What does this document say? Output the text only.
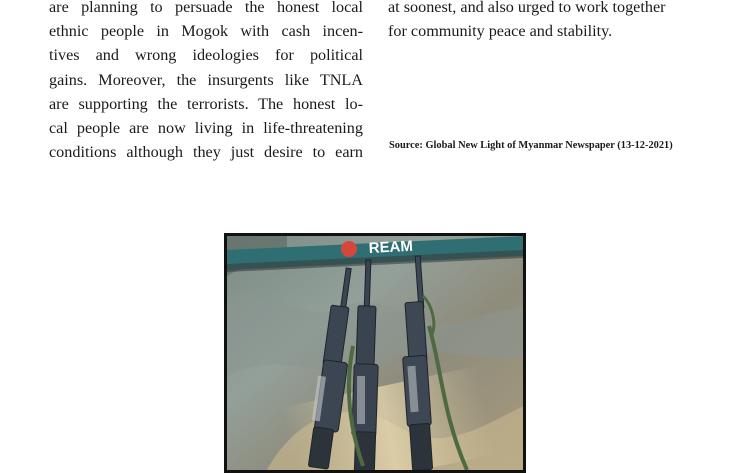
are planning to persuade the honest local
ethnic people in Mogok with cash incen-
tives and wrong ideologies for political
gains. Moreover, the insurgents like TNLA
are supporting the terrorists. The honest lo-
cal people are now living in life-threatening
conditions although they just desire to earn
at soonest, and also urged to work together
for community peace and stability.
Source: Global New Light of Myanmar Newspaper (13-12-2021)
REAM
